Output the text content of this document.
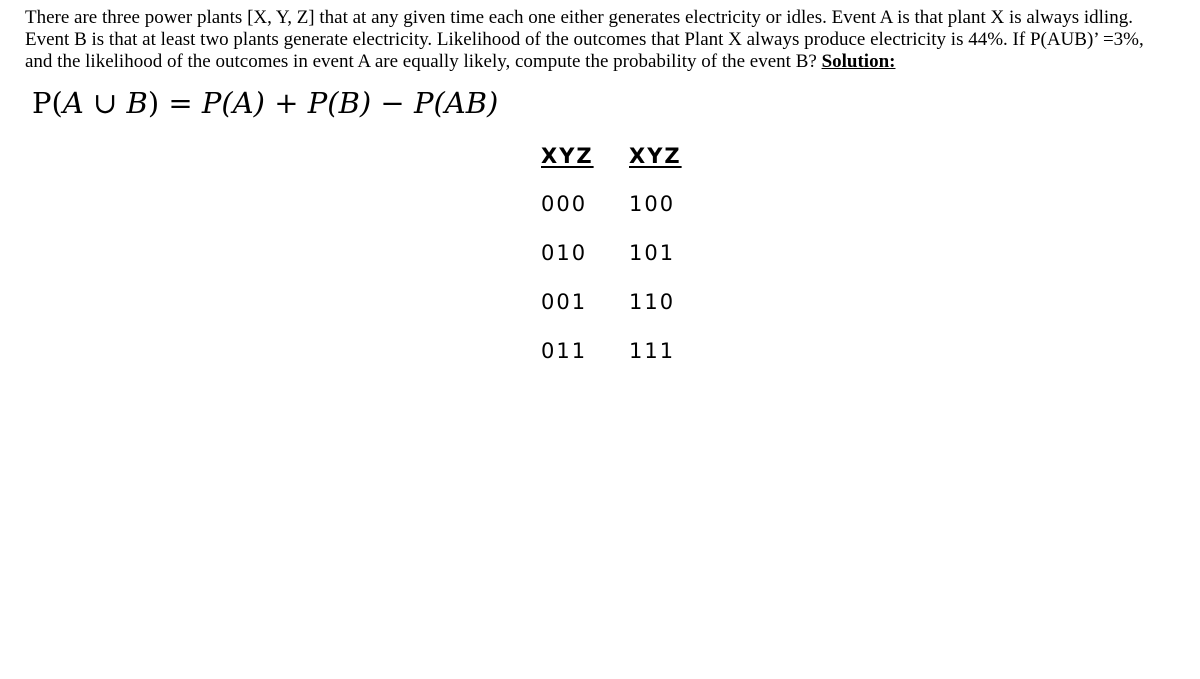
There are three power plants [X, Y, Z] that at any given time each one either generates electricity or idles. Event A is that plant X is always idling.
Event B is that at least two plants generate electricity. Likelihood of the outcomes that Plant X always produce electricity is 44%. If P(AUB)’ =3%,
and the likelihood of the outcomes in event A are equally likely, compute the probability of the event B? Solution:
P(A ∪ B) = P(A) + P(B) − P(AB)
XYZ
000
010
001
011
XYZ
100
101
110
111
